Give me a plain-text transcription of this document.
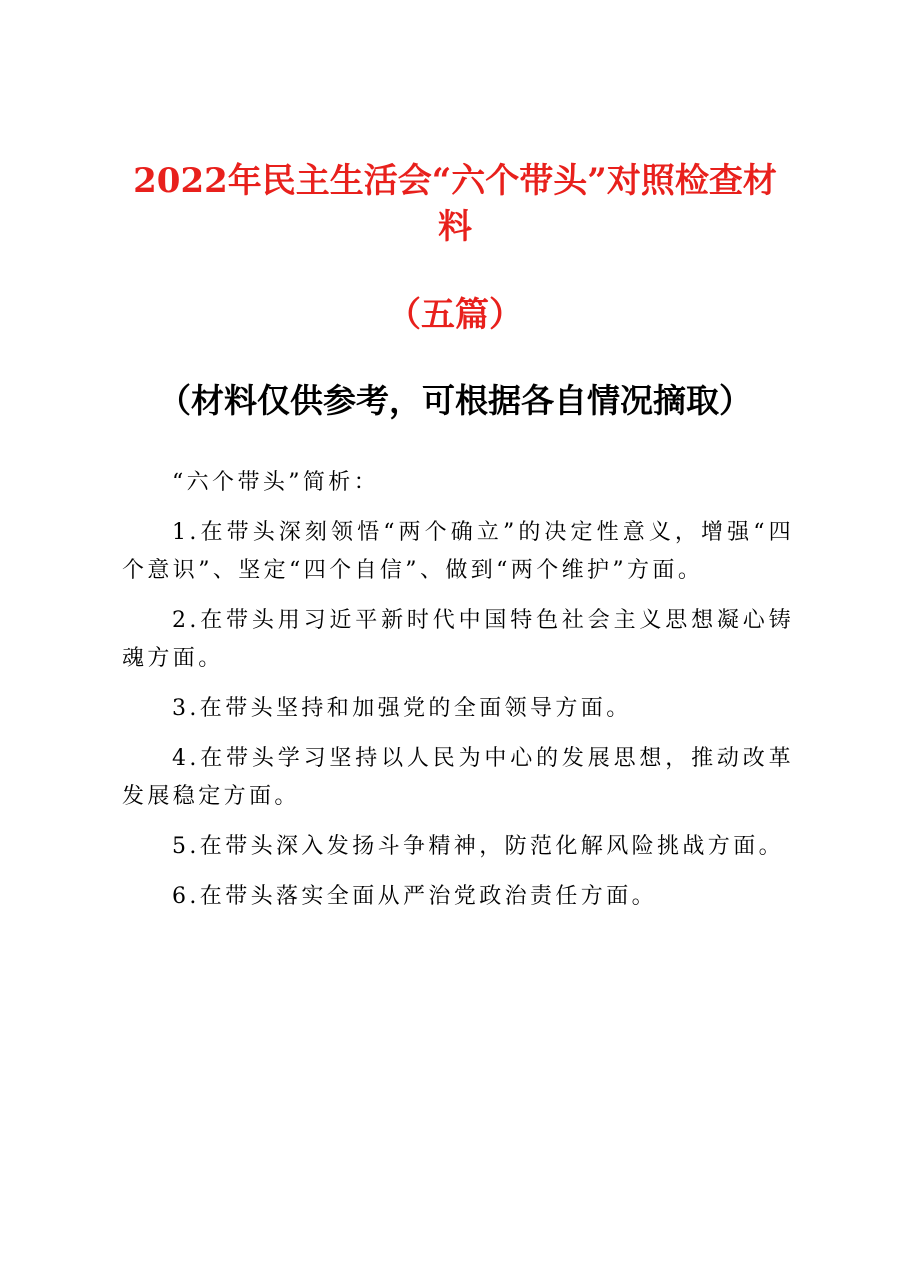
2022年民主生活会“六个带头”对照检查材料
（五篇）

（材料仅供参考，可根据各自情况摘取）

“六个带头”简析：

1.在带头深刻领悟“两个确立”的决定性意义，增强“四个意识”、坚定“四个自信”、做到“两个维护”方面。

2.在带头用习近平新时代中国特色社会主义思想凝心铸魂方面。

3.在带头坚持和加强党的全面领导方面。

4.在带头学习坚持以人民为中心的发展思想，推动改革发展稳定方面。

5.在带头深入发扬斗争精神，防范化解风险挑战方面。

6.在带头落实全面从严治党政治责任方面。
